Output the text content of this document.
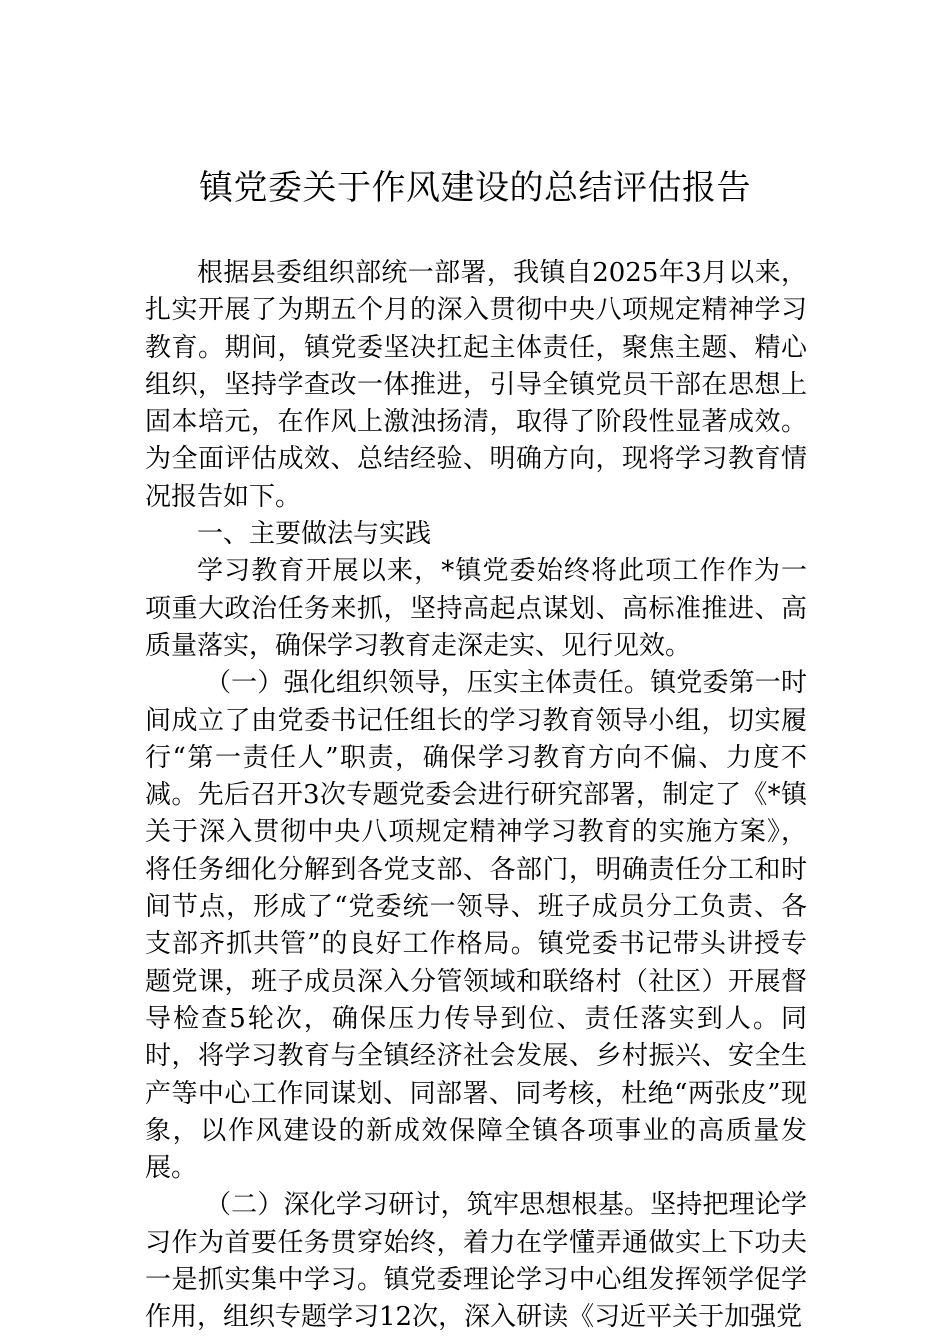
镇党委关于作风建设的总结评估报告

根据县委组织部统一部署，我镇自2025年3月以来，扎实开展了为期五个月的深入贯彻中央八项规定精神学习教育。期间，镇党委坚决扛起主体责任，聚焦主题、精心组织，坚持学查改一体推进，引导全镇党员干部在思想上固本培元，在作风上激浊扬清，取得了阶段性显著成效。为全面评估成效、总结经验、明确方向，现将学习教育情况报告如下。

一、主要做法与实践

学习教育开展以来，*镇党委始终将此项工作作为一项重大政治任务来抓，坚持高起点谋划、高标准推进、高质量落实，确保学习教育走深走实、见行见效。

（一）强化组织领导，压实主体责任。镇党委第一时间成立了由党委书记任组长的学习教育领导小组，切实履行“第一责任人”职责，确保学习教育方向不偏、力度不减。先后召开3次专题党委会进行研究部署，制定了《*镇关于深入贯彻中央八项规定精神学习教育的实施方案》，将任务细化分解到各党支部、各部门，明确责任分工和时间节点，形成了“党委统一领导、班子成员分工负责、各支部齐抓共管”的良好工作格局。镇党委书记带头讲授专题党课，班子成员深入分管领域和联络村（社区）开展督导检查5轮次，确保压力传导到位、责任落实到人。同时，将学习教育与全镇经济社会发展、乡村振兴、安全生产等中心工作同谋划、同部署、同考核，杜绝“两张皮”现象，以作风建设的新成效保障全镇各项事业的高质量发展。

（二）深化学习研讨，筑牢思想根基。坚持把理论学习作为首要任务贯穿始终，着力在学懂弄通做实上下功夫一是抓实集中学习。镇党委理论学习中心组发挥领学促学作用，组织专题学习12次，深入研读《习近平关于加强党
